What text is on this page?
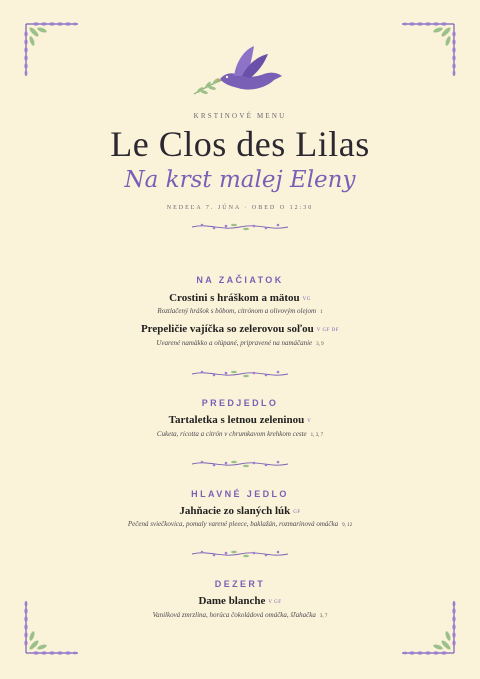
KRSTINOVÉ MENU
Le Clos des Lilas
Na krst malej Eleny
NEDEĽA 7. JÚNA · OBED O 12:30
NA ZAČIATOK
Crostini s hráškom a mätou VG
Roztlačený hrášok s bôbom, citrónom a olivovým olejom 1
Prepeličie vajíčka so zelerovou soľou V GF DF
Uvarené namäkko a olúpané, pripravené na namáčanie 3, 9
PREDJEDLO
Tartaletka s letnou zeleninou V
Cuketa, ricotta a citrón v chrumkavom krehkom ceste 1, 3, 7
HLAVNÉ JEDLO
Jahňacie zo slaných lúk GF
Pečená sviečkovica, pomaly varené pleece, baklažán, rozmarínová omáčka 9, 12
DEZERT
Dame blanche V GF
Vanilková zmrzlina, horúca čokoládová omáčka, šľahačka 3, 7
